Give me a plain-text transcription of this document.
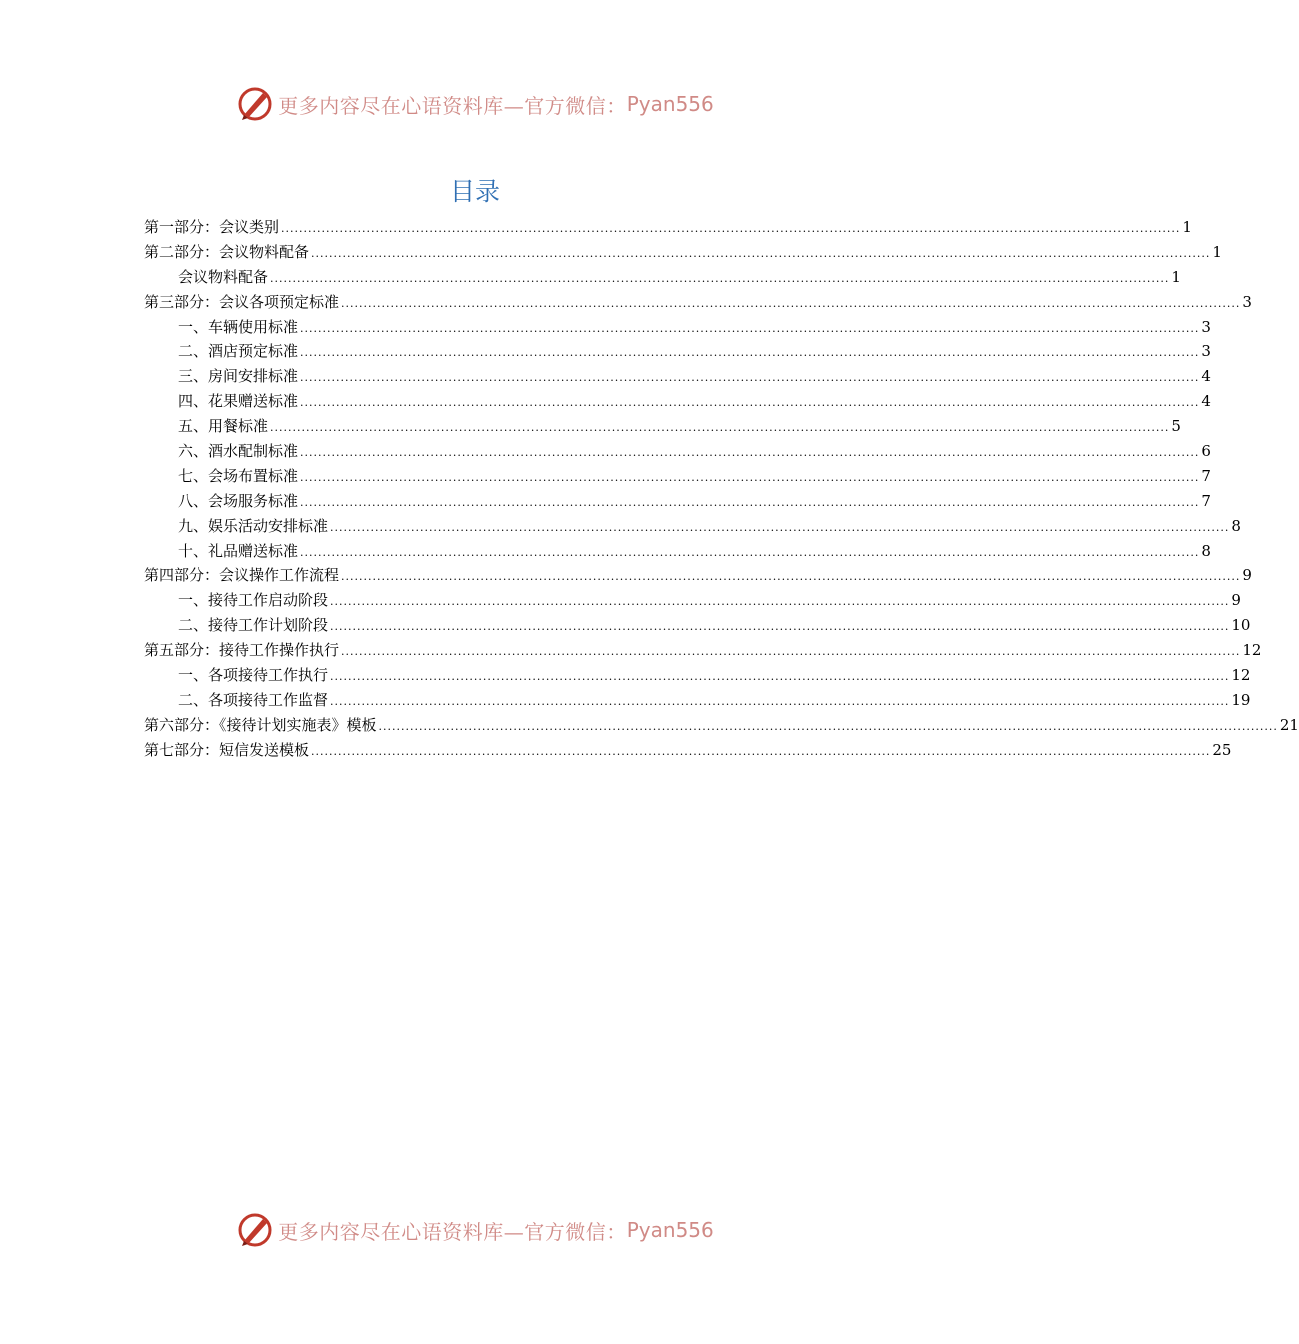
更多内容尽在心语资料库—官方微信： Pyan556
目录
第一部分：会议类别 ........................................................................................................................................................................................................ 1
第二部分：会议物料配备 ........................................................................................................................................................................................................ 1
会议物料配备 ........................................................................................................................................................................................................ 1
第三部分：会议各项预定标准 ........................................................................................................................................................................................................ 3
一、车辆使用标准 ........................................................................................................................................................................................................ 3
二、酒店预定标准 ........................................................................................................................................................................................................ 3
三、房间安排标准 ........................................................................................................................................................................................................ 4
四、花果赠送标准 ........................................................................................................................................................................................................ 4
五、用餐标准 ........................................................................................................................................................................................................ 5
六、酒水配制标准 ........................................................................................................................................................................................................ 6
七、会场布置标准 ........................................................................................................................................................................................................ 7
八、会场服务标准 ........................................................................................................................................................................................................ 7
九、娱乐活动安排标准 ........................................................................................................................................................................................................ 8
十、礼品赠送标准 ........................................................................................................................................................................................................ 8
第四部分：会议操作工作流程 ........................................................................................................................................................................................................ 9
一、接待工作启动阶段 ........................................................................................................................................................................................................ 9
二、接待工作计划阶段 ........................................................................................................................................................................................................ 10
第五部分：接待工作操作执行 ........................................................................................................................................................................................................ 12
一、各项接待工作执行 ........................................................................................................................................................................................................ 12
二、各项接待工作监督 ........................................................................................................................................................................................................ 19
第六部分：《接待计划实施表》模板 ........................................................................................................................................................................................................ 21
第七部分：短信发送模板 ........................................................................................................................................................................................................ 25
更多内容尽在心语资料库—官方微信： Pyan556
